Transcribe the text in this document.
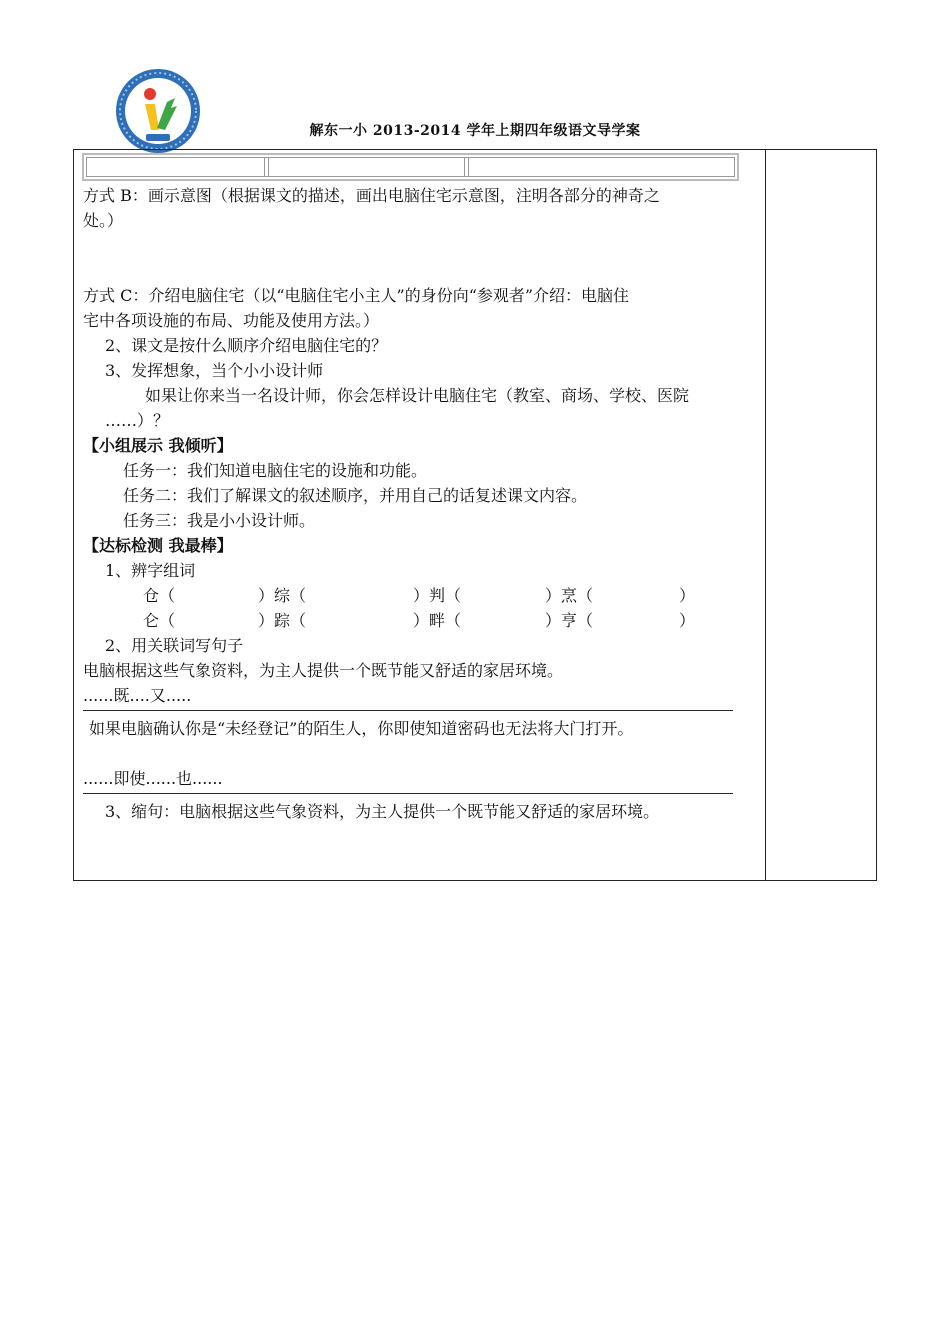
解东一小 2013-2014 学年上期四年级语文导学案

方式 B：画示意图（根据课文的描述，画出电脑住宅示意图，注明各部分的神奇之

处。）

方式 C：介绍电脑住宅（以“电脑住宅小主人”的身份向“参观者”介绍：电脑住

宅中各项设施的布局、功能及使用方法。）

2、课文是按什么顺序介绍电脑住宅的？

3、发挥想象，当个小小设计师

如果让你来当一名设计师，你会怎样设计电脑住宅（教室、商场、学校、医院

……）？

【小组展示 我倾听】

任务一：我们知道电脑住宅的设施和功能。

任务二：我们了解课文的叙述顺序，并用自己的话复述课文内容。

任务三：我是小小设计师。

【达标检测 我最棒】

1、辨字组词

仓（	）综（	）判（	）烹（	）
仑（	）踪（	）畔（	）亨（	）

2、用关联词写句子

电脑根据这些气象资料，为主人提供一个既节能又舒适的家居环境。

......既....又.....

如果电脑确认你是“未经登记”的陌生人，你即使知道密码也无法将大门打开。

......即使......也......

3、缩句：电脑根据这些气象资料，为主人提供一个既节能又舒适的家居环境。
